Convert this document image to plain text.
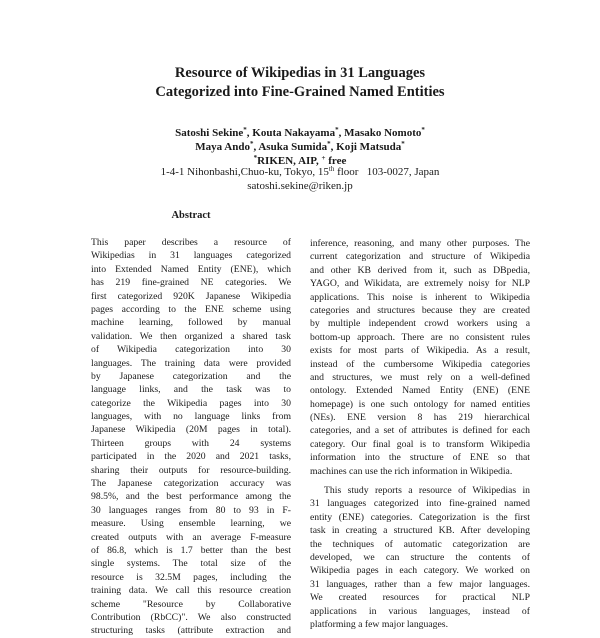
Resource of Wikipedias in 31 Languages
Categorized into Fine-Grained Named Entities
Satoshi Sekine*, Kouta Nakayama*, Masako Nomoto*
Maya Ando*, Asuka Sumida*, Koji Matsuda*
*RIKEN, AIP, + free
1-4-1 Nihonbashi,Chuo-ku, Tokyo, 15th floor   103-0027, Japan
satoshi.sekine@riken.jp
Abstract
This paper describes a resource of
Wikipedias in 31 languages categorized
into Extended Named Entity (ENE), which
has 219 fine-grained NE categories. We
first categorized 920K Japanese Wikipedia
pages according to the ENE scheme using
machine learning, followed by manual
validation. We then organized a shared task
of Wikipedia categorization into 30
languages. The training data were provided
by Japanese categorization and the
language links, and the task was to
categorize the Wikipedia pages into 30
languages, with no language links from
Japanese Wikipedia (20M pages in total).
Thirteen groups with 24 systems
participated in the 2020 and 2021 tasks,
sharing their outputs for resource-building.
The Japanese categorization accuracy was
98.5%, and the best performance among the
30 languages ranges from 80 to 93 in F-
measure. Using ensemble learning, we
created outputs with an average F-measure
of 86.8, which is 1.7 better than the best
single systems. The total size of the
resource is 32.5M pages, including the
training data. We call this resource creation
scheme "Resource by Collaborative
Contribution (RbCC)". We also constructed
structuring tasks (attribute extraction and
inference, reasoning, and many other purposes. The
current categorization and structure of Wikipedia
and other KB derived from it, such as DBpedia,
YAGO, and Wikidata, are extremely noisy for NLP
applications. This noise is inherent to Wikipedia
categories and structures because they are created
by multiple independent crowd workers using a
bottom-up approach. There are no consistent rules
exists for most parts of Wikipedia. As a result,
instead of the cumbersome Wikipedia categories
and structures, we must rely on a well-defined
ontology. Extended Named Entity (ENE) (ENE
homepage) is one such ontology for named entities
(NEs). ENE version 8 has 219 hierarchical
categories, and a set of attributes is defined for each
category. Our final goal is to transform Wikipedia
information into the structure of ENE so that
machines can use the rich information in Wikipedia.
This study reports a resource of Wikipedias in
31 languages categorized into fine-grained named
entity (ENE) categories. Categorization is the first
task in creating a structured KB. After developing
the techniques of automatic categorization are
developed, we can structure the contents of
Wikipedia pages in each category. We worked on
31 languages, rather than a few major languages.
We created resources for practical NLP
applications in various languages, instead of
platforming a few major languages.
